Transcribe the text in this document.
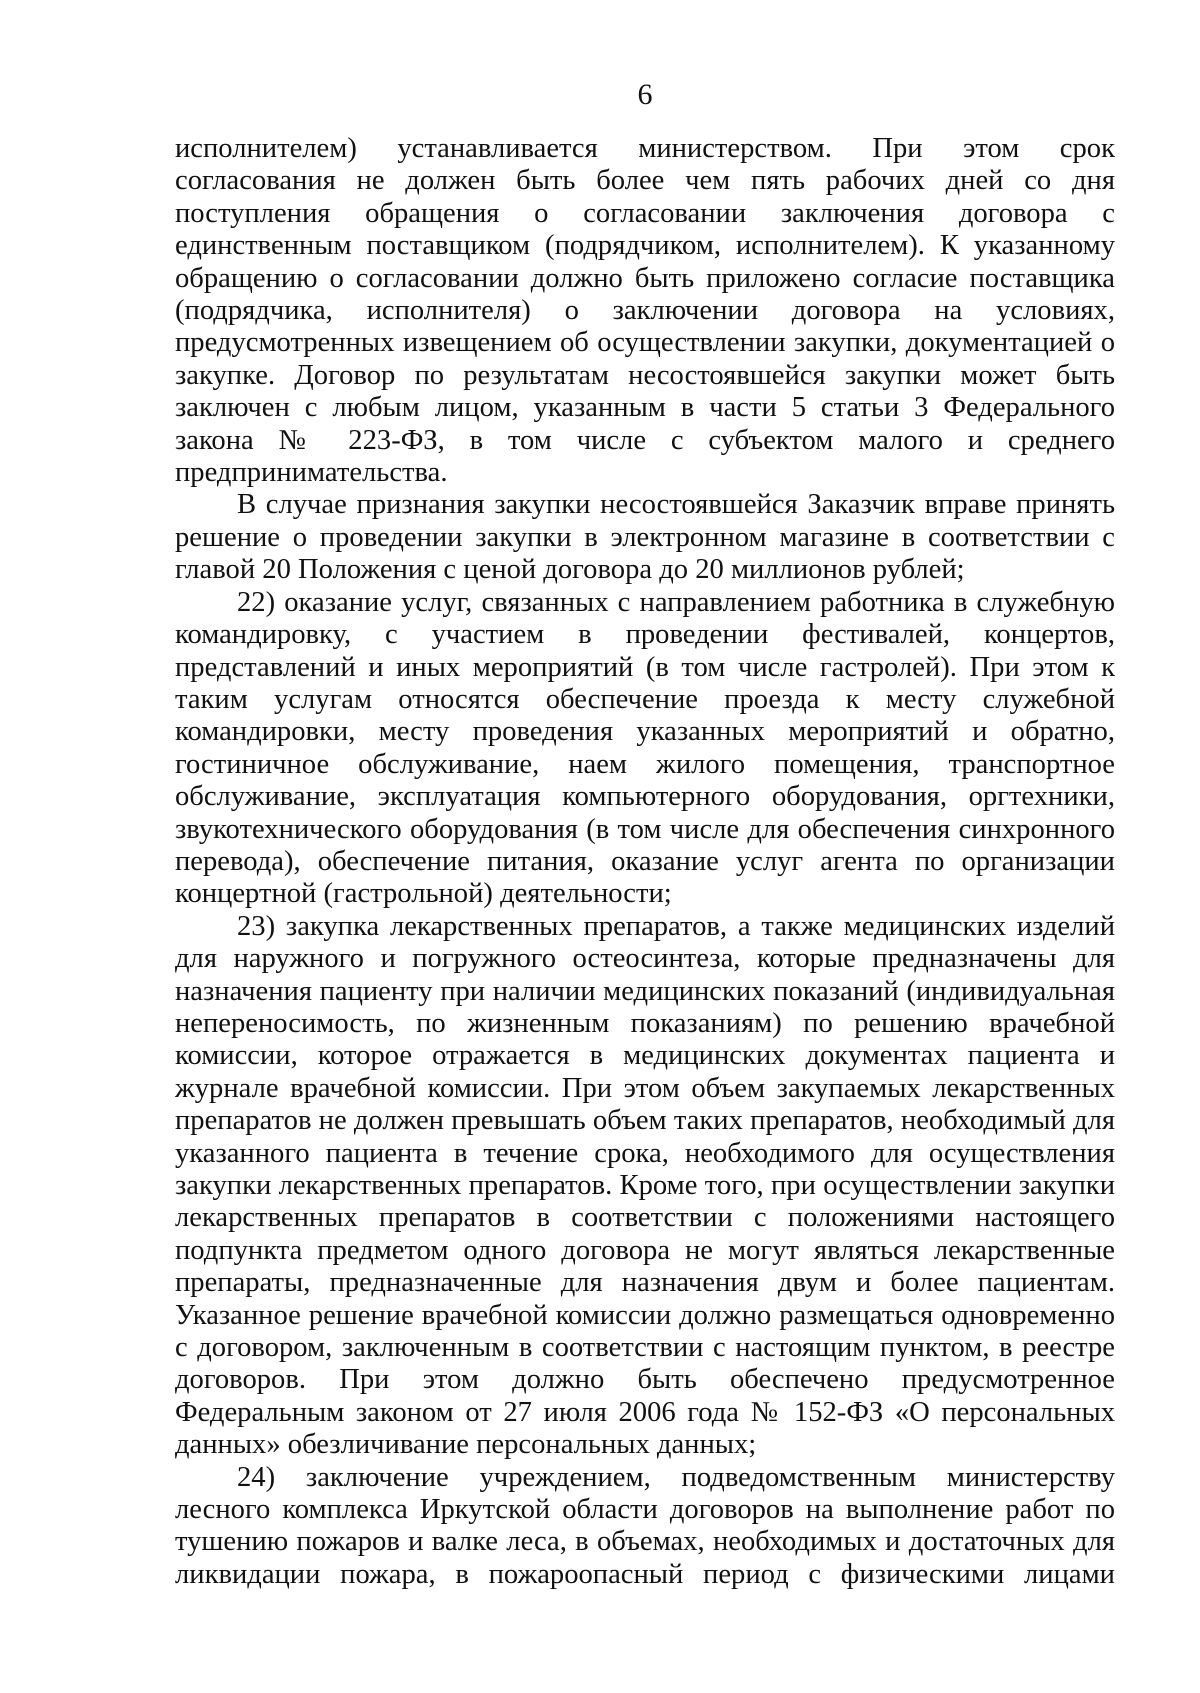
6

исполнителем) устанавливается министерством. При этом срок согласования не должен быть более чем пять рабочих дней со дня поступления обращения о согласовании заключения договора с единственным поставщиком (подрядчиком, исполнителем). К указанному обращению о согласовании должно быть приложено согласие поставщика (подрядчика, исполнителя) о заключении договора на условиях, предусмотренных извещением об осуществлении закупки, документацией о закупке. Договор по результатам несостоявшейся закупки может быть заключен с любым лицом, указанным в части 5 статьи 3 Федерального закона № 223-ФЗ, в том числе с субъектом малого и среднего предпринимательства.

В случае признания закупки несостоявшейся Заказчик вправе принять решение о проведении закупки в электронном магазине в соответствии с главой 20 Положения с ценой договора до 20 миллионов рублей;

22) оказание услуг, связанных с направлением работника в служебную командировку, с участием в проведении фестивалей, концертов, представлений и иных мероприятий (в том числе гастролей). При этом к таким услугам относятся обеспечение проезда к месту служебной командировки, месту проведения указанных мероприятий и обратно, гостиничное обслуживание, наем жилого помещения, транспортное обслуживание, эксплуатация компьютерного оборудования, оргтехники, звукотехнического оборудования (в том числе для обеспечения синхронного перевода), обеспечение питания, оказание услуг агента по организации концертной (гастрольной) деятельности;

23) закупка лекарственных препаратов, а также медицинских изделий для наружного и погружного остеосинтеза, которые предназначены для назначения пациенту при наличии медицинских показаний (индивидуальная непереносимость, по жизненным показаниям) по решению врачебной комиссии, которое отражается в медицинских документах пациента и журнале врачебной комиссии. При этом объем закупаемых лекарственных препаратов не должен превышать объем таких препаратов, необходимый для указанного пациента в течение срока, необходимого для осуществления закупки лекарственных препаратов. Кроме того, при осуществлении закупки лекарственных препаратов в соответствии с положениями настоящего подпункта предметом одного договора не могут являться лекарственные препараты, предназначенные для назначения двум и более пациентам. Указанное решение врачебной комиссии должно размещаться одновременно с договором, заключенным в соответствии с настоящим пунктом, в реестре договоров. При этом должно быть обеспечено предусмотренное Федеральным законом от 27 июля 2006 года № 152-ФЗ «О персональных данных» обезличивание персональных данных;

24) заключение учреждением, подведомственным министерству лесного комплекса Иркутской области договоров на выполнение работ по тушению пожаров и валке леса, в объемах, необходимых и достаточных для ликвидации пожара, в пожароопасный период с физическими лицами
